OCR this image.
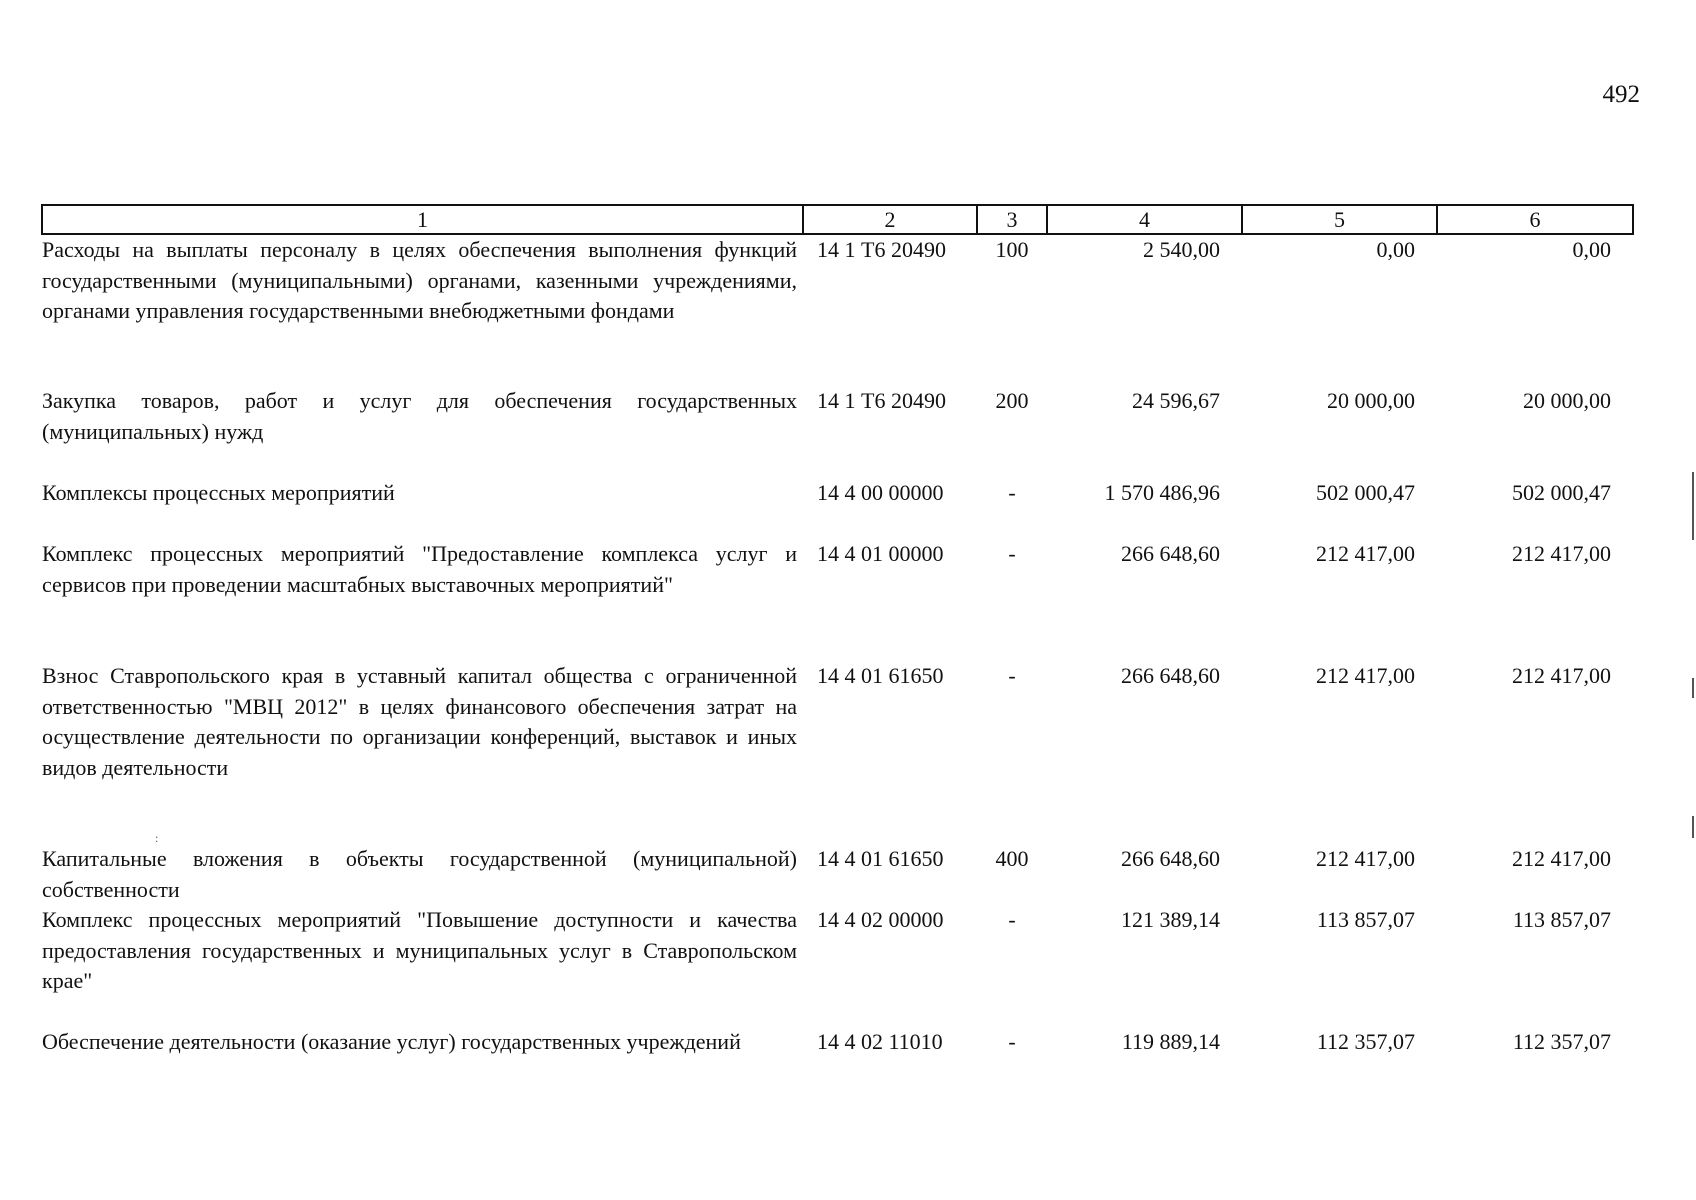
492
1	2	3	4	5	6
Расходы на выплаты персоналу в целях обеспечения выполнения функций государственными (муниципальными) органами, казенными учреждениями, органами управления государственными внебюджетными фондами	14 1 Т6 20490	100	2 540,00	0,00	0,00
Закупка товаров, работ и услуг для обеспечения государственных (муниципальных) нужд	14 1 Т6 20490	200	24 596,67	20 000,00	20 000,00
Комплексы процессных мероприятий	14 4 00 00000	-	1 570 486,96	502 000,47	502 000,47
Комплекс процессных мероприятий "Предоставление комплекса услуг и сервисов при проведении масштабных выставочных мероприятий"	14 4 01 00000	-	266 648,60	212 417,00	212 417,00
Взнос Ставропольского края в уставный капитал общества с ограниченной ответственностью "МВЦ 2012" в целях финансового обеспечения затрат на осуществление деятельности по организации конференций, выставок и иных видов деятельности	14 4 01 61650	-	266 648,60	212 417,00	212 417,00
Капитальные вложения в объекты государственной (муниципальной) собственности	14 4 01 61650	400	266 648,60	212 417,00	212 417,00
Комплекс процессных мероприятий "Повышение доступности и качества предоставления государственных и муниципальных услуг в Ставропольском крае"	14 4 02 00000	-	121 389,14	113 857,07	113 857,07
Обеспечение деятельности (оказание услуг) государственных учреждений	14 4 02 11010	-	119 889,14	112 357,07	112 357,07
:
